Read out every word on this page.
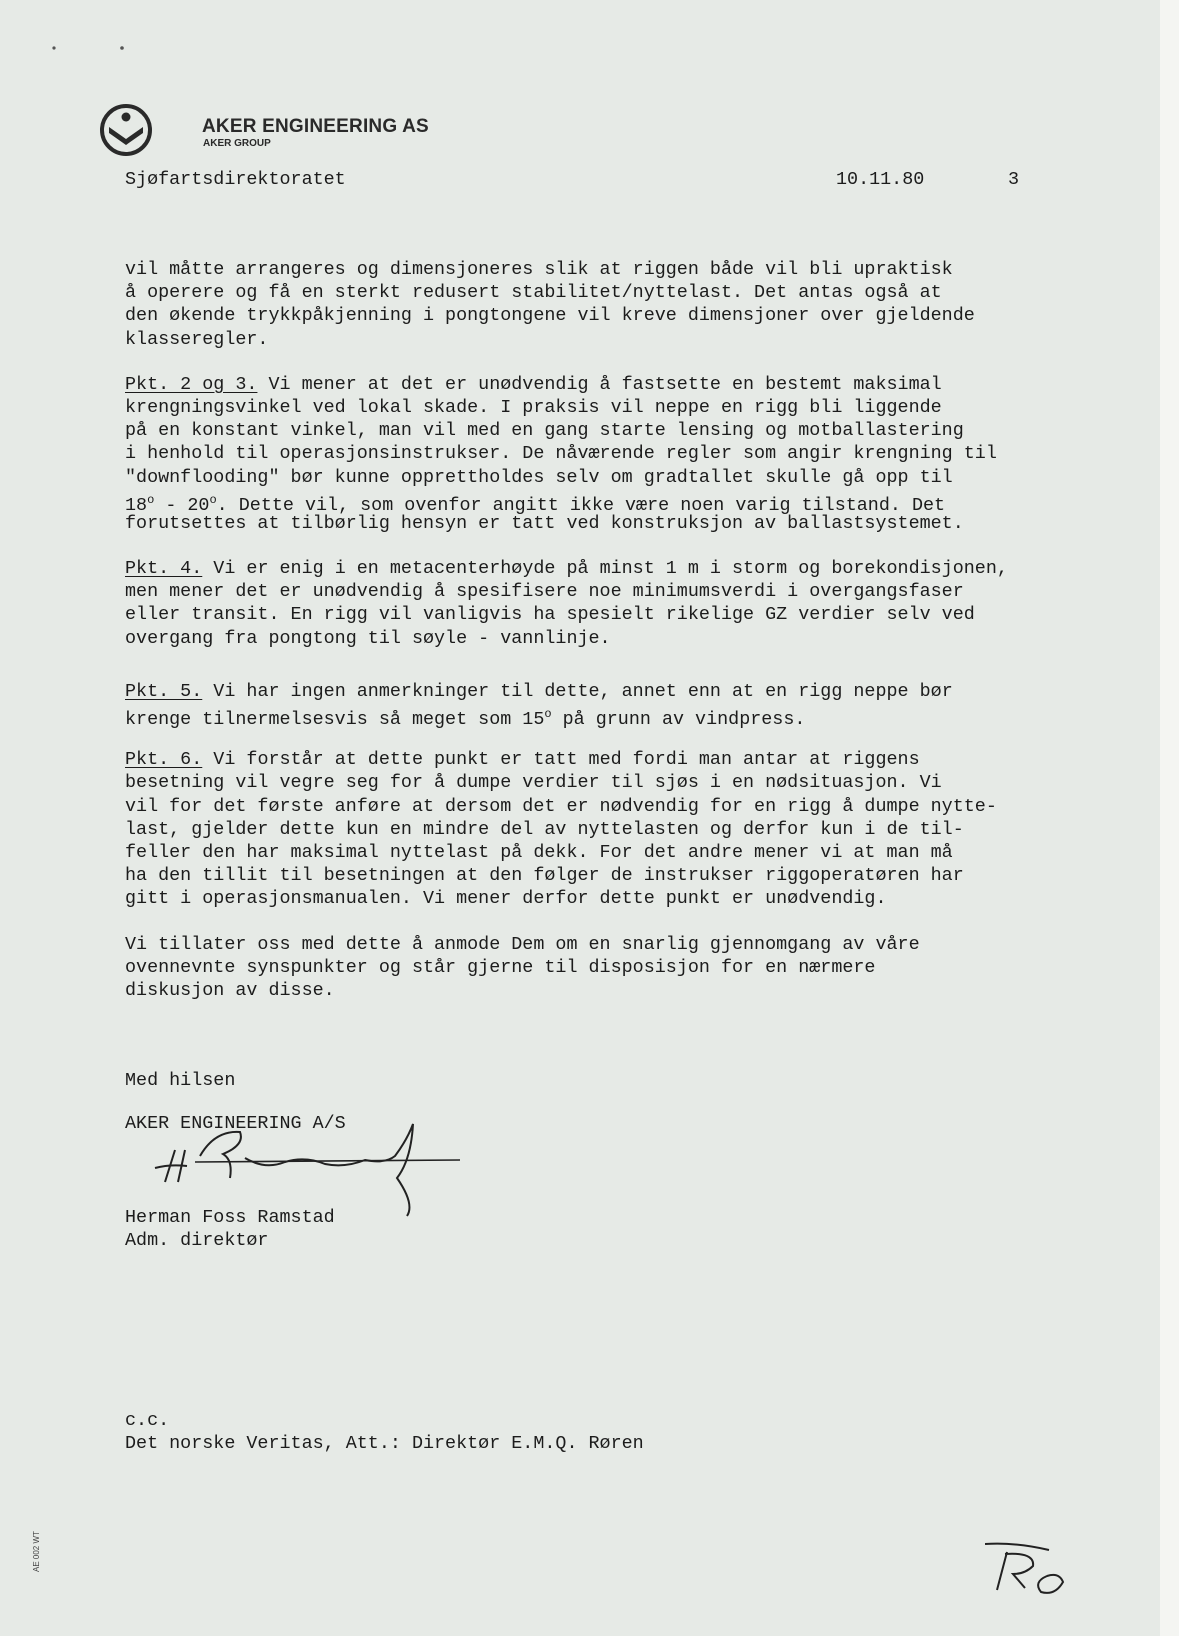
AKER ENGINEERING AS
AKER GROUP
Sjøfartsdirektoratet	10.11.80	3
vil måtte arrangeres og dimensjoneres slik at riggen både vil bli upraktisk
å operere og få en sterkt redusert stabilitet/nyttelast. Det antas også at
den økende trykkpåkjenning i pongtongene vil kreve dimensjoner over gjeldende
klasseregler.
Pkt. 2 og 3. Vi mener at det er unødvendig å fastsette en bestemt maksimal
krengningsvinkel ved lokal skade. I praksis vil neppe en rigg bli liggende
på en konstant vinkel, man vil med en gang starte lensing og motballastering
i henhold til operasjonsinstrukser. De nåværende regler som angir krengning til
"downflooding" bør kunne opprettholdes selv om gradtallet skulle gå opp til
18$^o$ - 20$^o$. Dette vil, som ovenfor angitt ikke være noen varig tilstand. Det
forutsettes at tilbørlig hensyn er tatt ved konstruksjon av ballastsystemet.
Pkt. 4. Vi er enig i en metacenterhøyde på minst 1 m i storm og borekondisjonen,
men mener det er unødvendig å spesifisere noe minimumsverdi i overgangsfaser
eller transit. En rigg vil vanligvis ha spesielt rikelige GZ verdier selv ved
overgang fra pongtong til søyle - vannlinje.
Pkt. 5. Vi har ingen anmerkninger til dette, annet enn at en rigg neppe bør
krenge tilnermelsesvis så meget som 15$^o$ på grunn av vindpress.
Pkt. 6. Vi forstår at dette punkt er tatt med fordi man antar at riggens
besetning vil vegre seg for å dumpe verdier til sjøs i en nødsituasjon. Vi
vil for det første anføre at dersom det er nødvendig for en rigg å dumpe nytte-
last, gjelder dette kun en mindre del av nyttelasten og derfor kun i de til-
feller den har maksimal nyttelast på dekk. For det andre mener vi at man må
ha den tillit til besetningen at den følger de instrukser riggoperatøren har
gitt i operasjonsmanualen. Vi mener derfor dette punkt er unødvendig.
Vi tillater oss med dette å anmode Dem om en snarlig gjennomgang av våre
ovennevnte synspunkter og står gjerne til disposisjon for en nærmere
diskusjon av disse.
Med hilsen
AKER ENGINEERING A/S
Herman Foss Ramstad
Adm. direktør
c.c.
Det norske Veritas, Att.: Direktør E.M.Q. Røren
AE 002 WT
